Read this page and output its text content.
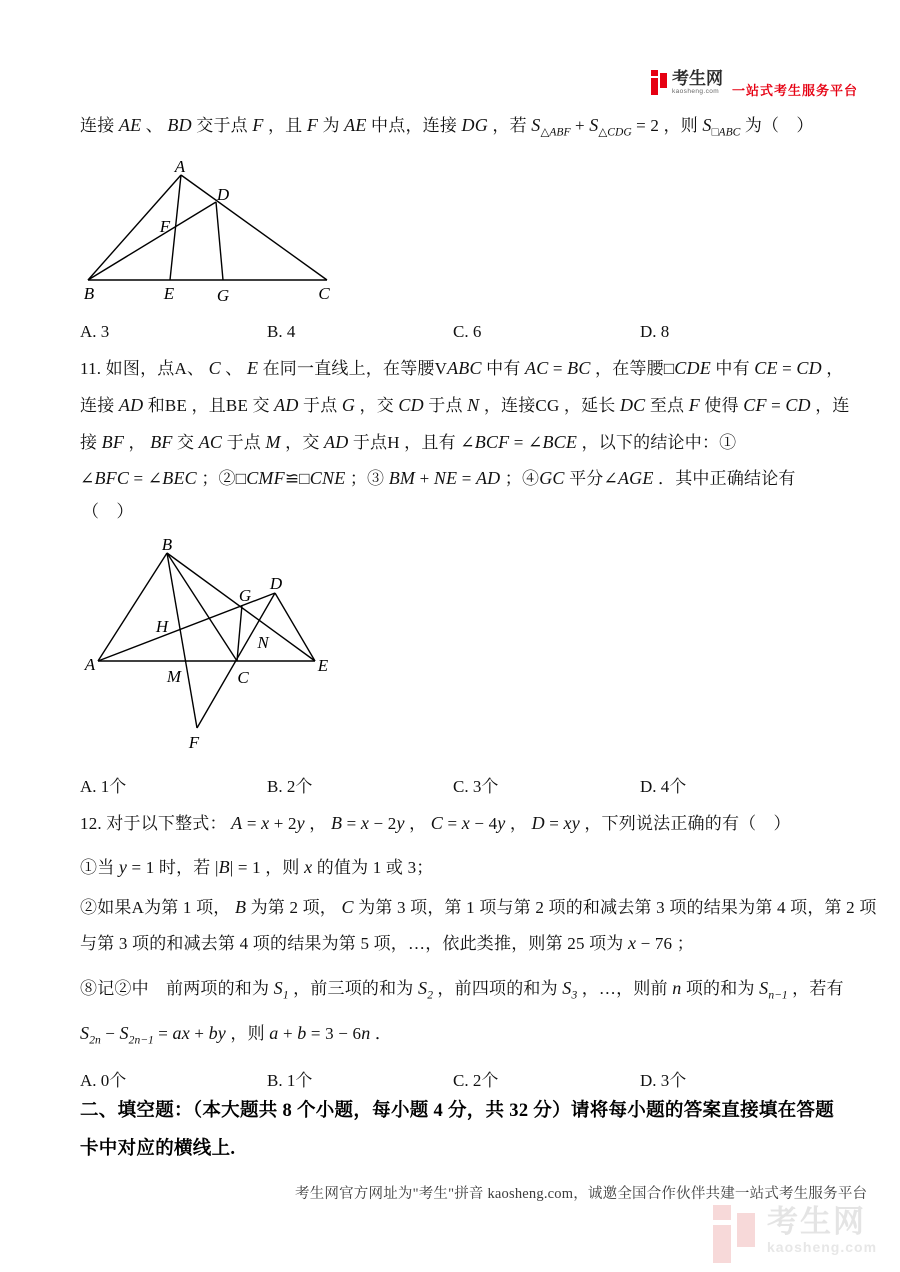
考生网
kaosheng.com 一站式考生服务平台
连接 AE 、 BD 交于点 F ，且 F 为 AE 中点，连接 DG ，若 $S_{\triangle ABF} + S_{\triangle CDG} = 2$ ，则 $S_{□ABC}$ 为（　）
A
D
F
B	E	G	C
A. 3	B. 4	C. 6	D. 8
11. 如图，点A、 C 、 E 在同一直线上，在等腰VABC 中有 AC = BC ，在等腰□CDE 中有 CE = CD ，
连接 AD 和BE ，且BE 交 AD 于点 G ，交 CD 于点 N ，连接CG ，延长 DC 至点 F 使得 CF = CD ，连
接 BF ， BF 交 AC 于点 M ，交 AD 于点H ，且有 ∠BCF = ∠BCE ，以下的结论中：①
∠BFC = ∠BEC ；②□CMF≌□CNE ；③ BM + NE = AD ；④GC 平分∠AGE ．其中正确结论有
（　）
B
D
G
H
N
A
M	C
E
F
A. 1个	B. 2个	C. 3个	D. 4个
12. 对于以下整式： A = x + 2y ， B = x − 2y ， C = x − 4y ， D = xy ，下列说法正确的有（　）
①当 y = 1 时，若 |B| = 1 ，则 x 的值为 1 或 3；
②如果A为第 1 项， B 为第 2 项， C 为第 3 项，第 1 项与第 2 项的和减去第 3 项的结果为第 4 项，第 2 项
与第 3 项的和减去第 4 项的结果为第 5 项，…，依此类推，则第 25 项为 x − 76 ；
⑧记②中　前两项的和为 $S_1$ ，前三项的和为 $S_2$ ，前四项的和为 $S_3$ ，…，则前 n 项的和为 $S_{n-1}$ ，若有
$S_{2n} - S_{2n-1}$ = ax + by ，则 a + b = 3 − 6n ．
A. 0个	B. 1个	C. 2个	D. 3个
二、填空题：（本大题共 8 个小题，每小题 4 分，共 32 分）请将每小题的答案直接填在答题
卡中对应的横线上.
考生网官方网址为"考生"拼音 kaosheng.com，诚邀全国合作伙伴共建一站式考生服务平台
考生网
kaosheng.com
